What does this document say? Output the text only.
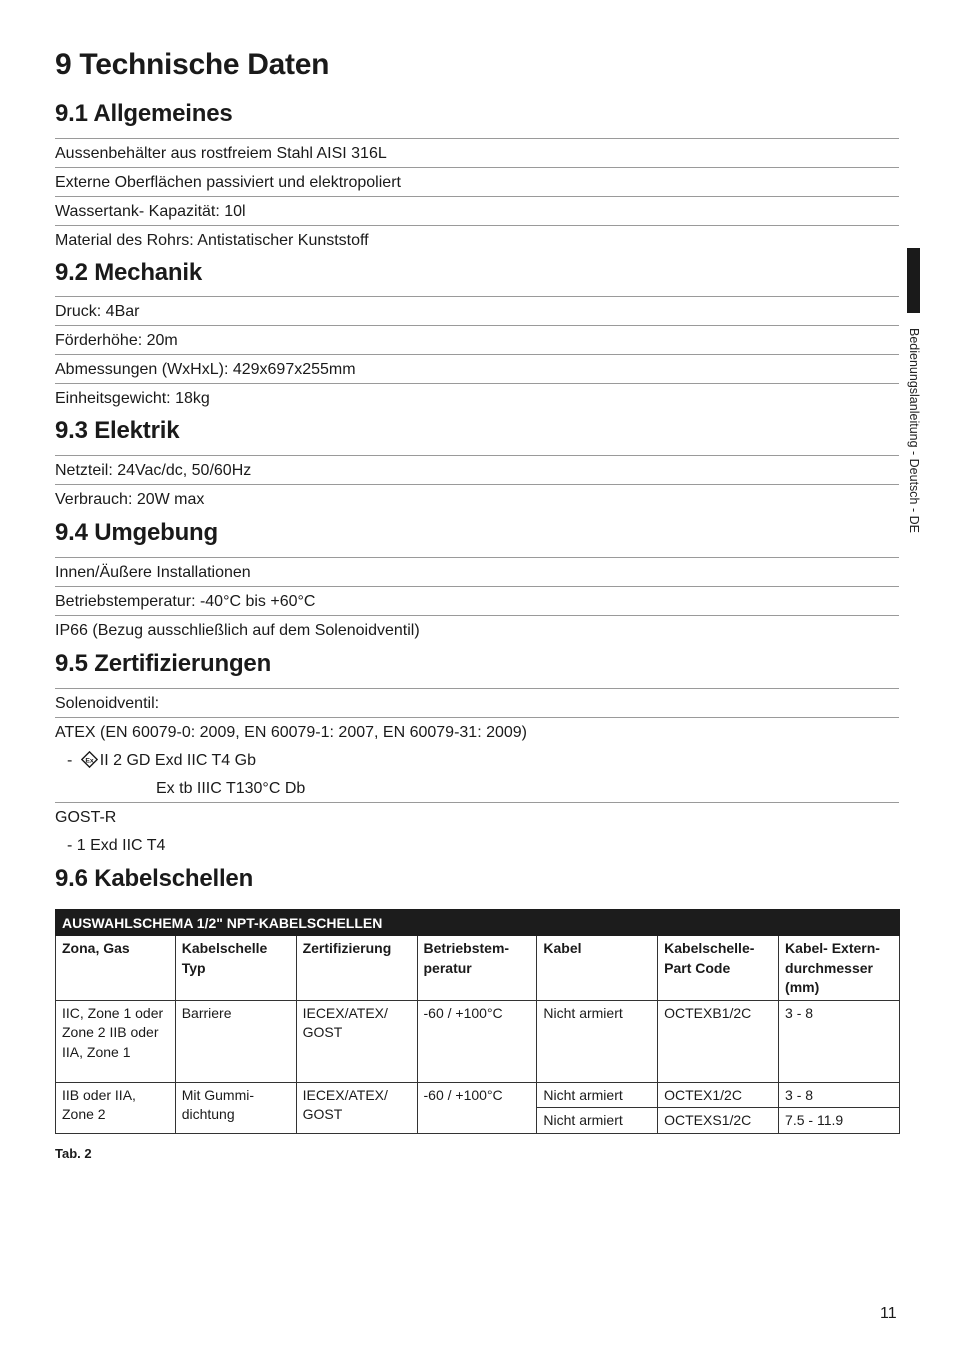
9 Technische Daten
9.1 Allgemeines
Aussenbehälter aus rostfreiem Stahl AISI 316L
Externe Oberflächen passiviert und elektropoliert
Wassertank- Kapazität: 10l
Material des Rohrs: Antistatischer Kunststoff
9.2 Mechanik
Druck: 4Bar
Förderhöhe: 20m
Abmessungen (WxHxL): 429x697x255mm
Einheitsgewicht: 18kg
9.3 Elektrik
Netzteil: 24Vac/dc, 50/60Hz
Verbrauch: 20W max
9.4 Umgebung
Innen/Äußere Installationen
Betriebstemperatur: -40°C bis +60°C
IP66 (Bezug ausschließlich auf dem Solenoidventil)
9.5 Zertifizierungen
Solenoidventil:
ATEX (EN 60079-0: 2009, EN 60079-1: 2007, EN 60079-31: 2009)
- Ex II 2 GD Exd IIC T4 Gb
Ex tb IIIC T130°C Db
GOST-R
- 1 Exd IIC T4
9.6 Kabelschellen
AUSWAHLSCHEMA 1/2" NPT-KABELSCHELLEN						
Zona, Gas	Kabelschelle Typ	Zertifizierung	Betriebstem-peratur	Kabel	Kabelschelle-Part Code	Kabel- Extern-durchmesser (mm)
IIC, Zone 1 oder Zone 2 IIB oder IIA, Zone 1	Barriere	IECEX/ATEX/ GOST	-60 / +100°C	Nicht armiert	OCTEXB1/2C	3 - 8
IIB oder IIA, Zone 2	Mit Gummi-dichtung	IECEX/ATEX/ GOST	-60 / +100°C	Nicht armiert	OCTEX1/2C	3 - 8
				Nicht armiert	OCTEXS1/2C	7.5 - 11.9
Tab. 2
Bedienungslanleitung - Deutsch - DE
11
